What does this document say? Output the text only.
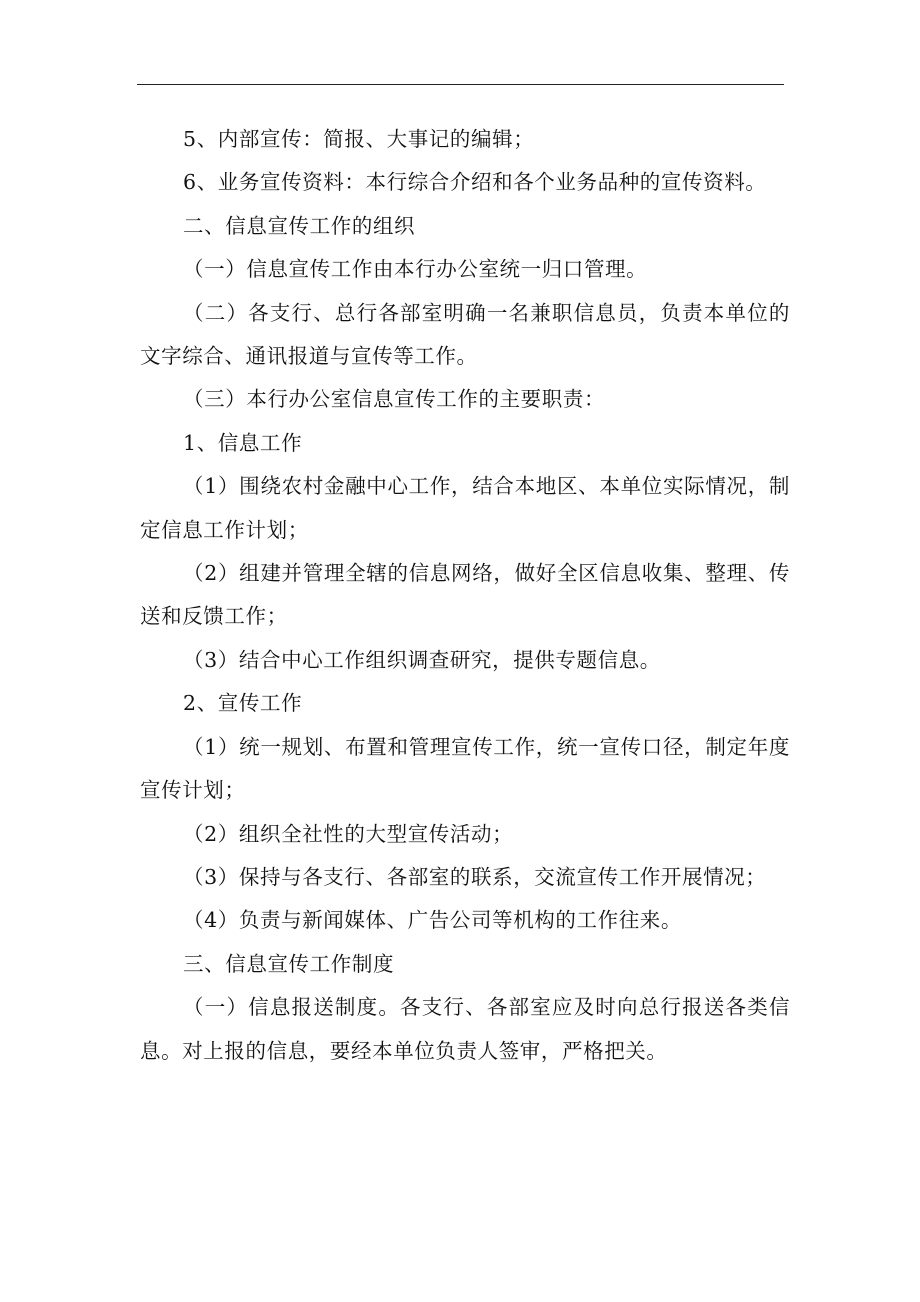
5、内部宣传：简报、大事记的编辑；

6、业务宣传资料：本行综合介绍和各个业务品种的宣传资料。

二、信息宣传工作的组织

（一）信息宣传工作由本行办公室统一归口管理。

（二）各支行、总行各部室明确一名兼职信息员，负责本单位的文字综合、通讯报道与宣传等工作。

（三）本行办公室信息宣传工作的主要职责：

1、信息工作

（1）围绕农村金融中心工作，结合本地区、本单位实际情况，制定信息工作计划；

（2）组建并管理全辖的信息网络，做好全区信息收集、整理、传送和反馈工作；

（3）结合中心工作组织调查研究，提供专题信息。

2、宣传工作

（1）统一规划、布置和管理宣传工作，统一宣传口径，制定年度宣传计划；

（2）组织全社性的大型宣传活动；

（3）保持与各支行、各部室的联系，交流宣传工作开展情况；

（4）负责与新闻媒体、广告公司等机构的工作往来。

三、信息宣传工作制度

（一）信息报送制度。各支行、各部室应及时向总行报送各类信息。对上报的信息，要经本单位负责人签审，严格把关。
